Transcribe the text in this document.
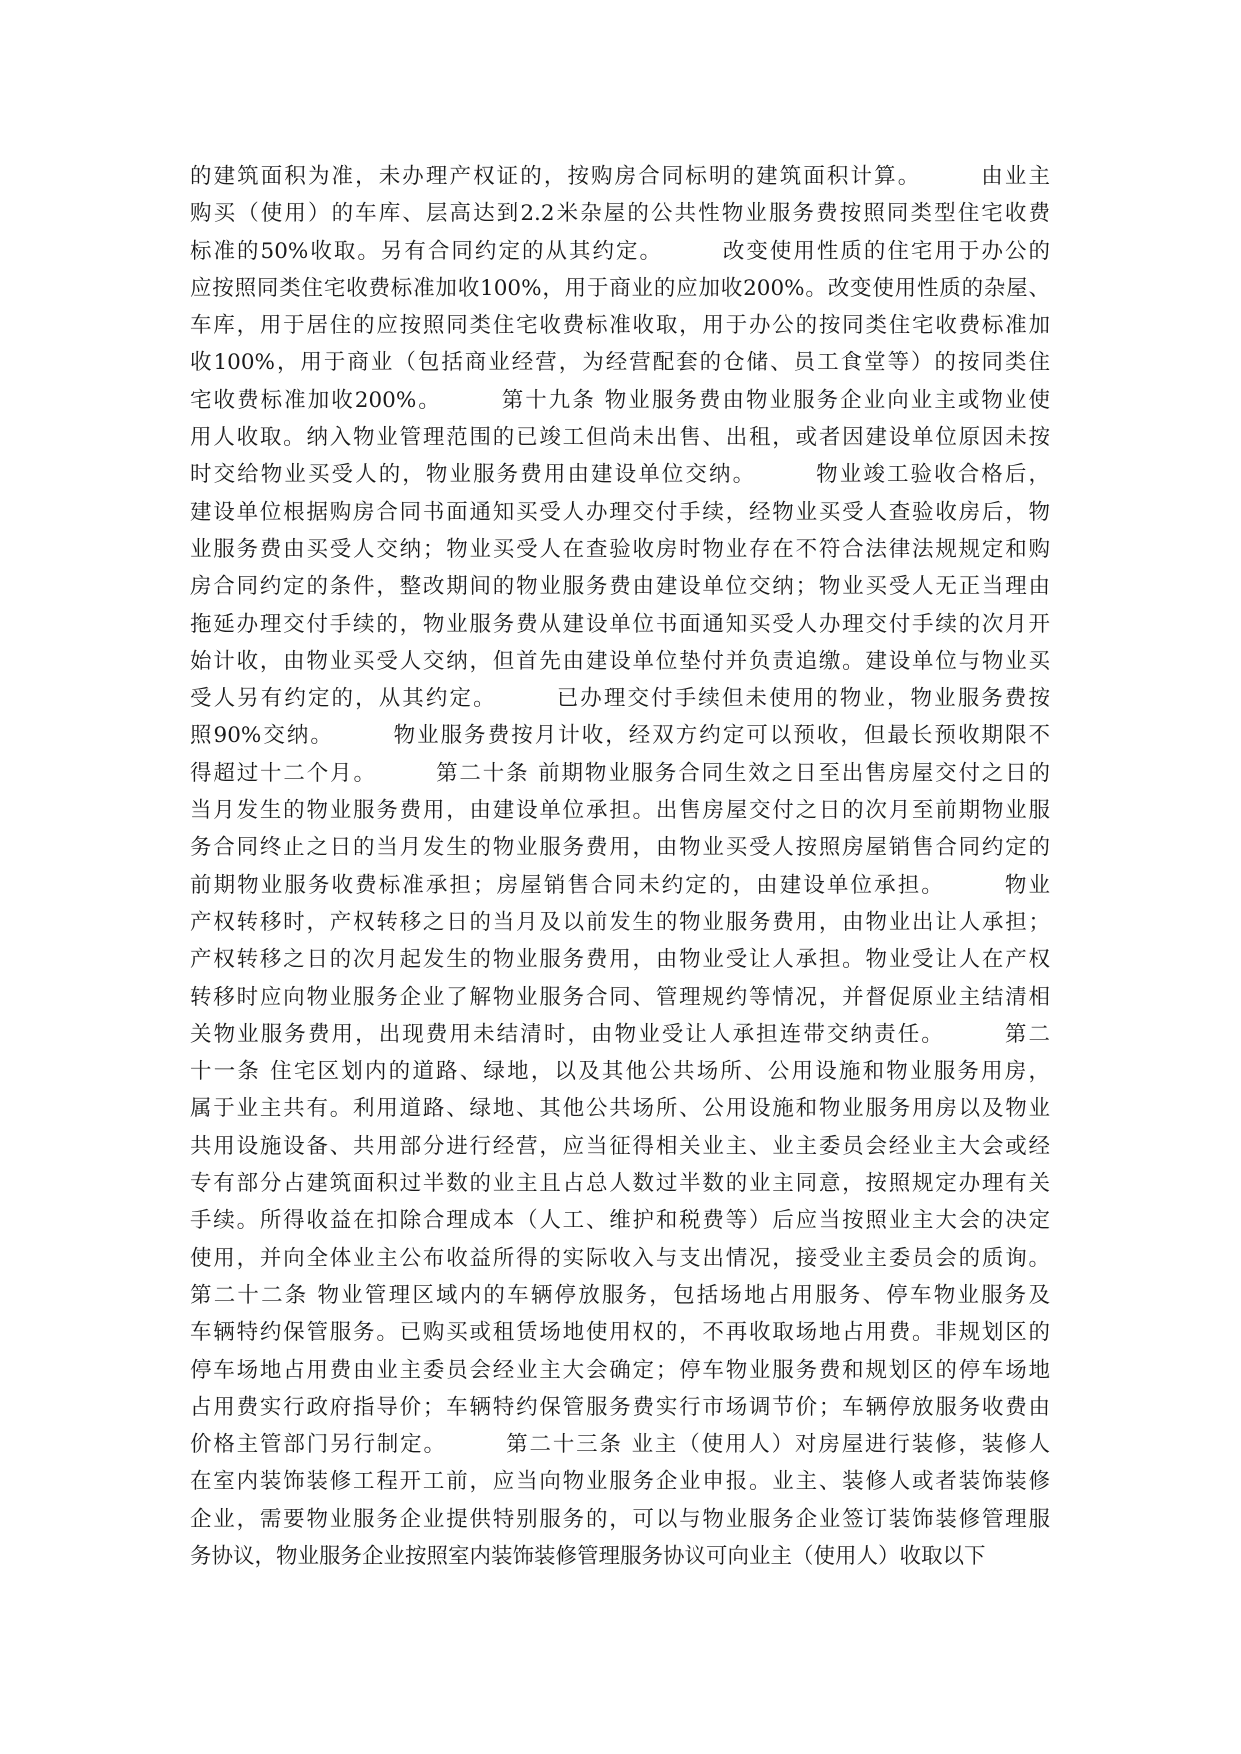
的建筑面积为准，未办理产权证的，按购房合同标明的建筑面积计算。　　　由业主
购买（使用）的车库、层高达到2.2米杂屋的公共性物业服务费按照同类型住宅收费
标准的50%收取。另有合同约定的从其约定。　　　改变使用性质的住宅用于办公的
应按照同类住宅收费标准加收100%，用于商业的应加收200%。改变使用性质的杂屋、
车库，用于居住的应按照同类住宅收费标准收取，用于办公的按同类住宅收费标准加
收100%，用于商业（包括商业经营，为经营配套的仓储、员工食堂等）的按同类住
宅收费标准加收200%。　　　第十九条 物业服务费由物业服务企业向业主或物业使
用人收取。纳入物业管理范围的已竣工但尚未出售、出租，或者因建设单位原因未按
时交给物业买受人的，物业服务费用由建设单位交纳。　　　物业竣工验收合格后，
建设单位根据购房合同书面通知买受人办理交付手续，经物业买受人查验收房后，物
业服务费由买受人交纳；物业买受人在查验收房时物业存在不符合法律法规规定和购
房合同约定的条件，整改期间的物业服务费由建设单位交纳；物业买受人无正当理由
拖延办理交付手续的，物业服务费从建设单位书面通知买受人办理交付手续的次月开
始计收，由物业买受人交纳，但首先由建设单位垫付并负责追缴。建设单位与物业买
受人另有约定的，从其约定。　　　已办理交付手续但未使用的物业，物业服务费按
照90%交纳。　　　物业服务费按月计收，经双方约定可以预收，但最长预收期限不
得超过十二个月。　　　第二十条 前期物业服务合同生效之日至出售房屋交付之日的
当月发生的物业服务费用，由建设单位承担。出售房屋交付之日的次月至前期物业服
务合同终止之日的当月发生的物业服务费用，由物业买受人按照房屋销售合同约定的
前期物业服务收费标准承担；房屋销售合同未约定的，由建设单位承担。　　　物业
产权转移时，产权转移之日的当月及以前发生的物业服务费用，由物业出让人承担；
产权转移之日的次月起发生的物业服务费用，由物业受让人承担。物业受让人在产权
转移时应向物业服务企业了解物业服务合同、管理规约等情况，并督促原业主结清相
关物业服务费用，出现费用未结清时，由物业受让人承担连带交纳责任。　　　第二
十一条 住宅区划内的道路、绿地，以及其他公共场所、公用设施和物业服务用房，
属于业主共有。利用道路、绿地、其他公共场所、公用设施和物业服务用房以及物业
共用设施设备、共用部分进行经营，应当征得相关业主、业主委员会经业主大会或经
专有部分占建筑面积过半数的业主且占总人数过半数的业主同意，按照规定办理有关
手续。所得收益在扣除合理成本（人工、维护和税费等）后应当按照业主大会的决定
使用，并向全体业主公布收益所得的实际收入与支出情况，接受业主委员会的质询。
第二十二条 物业管理区域内的车辆停放服务，包括场地占用服务、停车物业服务及
车辆特约保管服务。已购买或租赁场地使用权的，不再收取场地占用费。非规划区的
停车场地占用费由业主委员会经业主大会确定；停车物业服务费和规划区的停车场地
占用费实行政府指导价；车辆特约保管服务费实行市场调节价；车辆停放服务收费由
价格主管部门另行制定。　　　第二十三条 业主（使用人）对房屋进行装修，装修人
在室内装饰装修工程开工前，应当向物业服务企业申报。业主、装修人或者装饰装修
企业，需要物业服务企业提供特别服务的，可以与物业服务企业签订装饰装修管理服
务协议，物业服务企业按照室内装饰装修管理服务协议可向业主（使用人）收取以下
